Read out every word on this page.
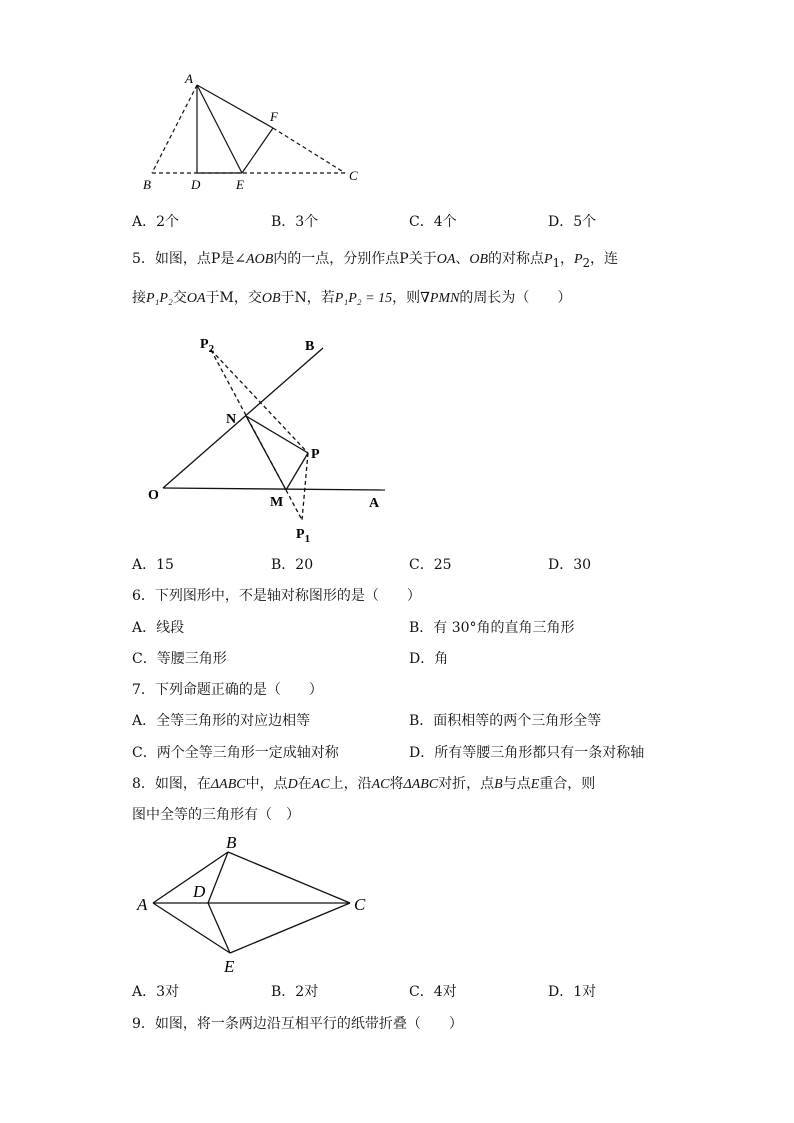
A
F
B	D	E
C
A．2个	B．3个	C．4个	D．5个
5．如图，点P是∠AOB内的一点，分别作点P关于OA、OB的对称点$P_1$，$P_2$，连
接P₁P₂交OA于M，交OB于N，若P₁P₂ = 15，则∇PMN的周长为（　　）
$P_2$	B
N
P
O	M	A
$P_1$
A．15	B．20	C．25	D．30
6．下列图形中，不是轴对称图形的是（　　）
A．线段	B．有 30°角的直角三角形
C．等腰三角形	D．角
7．下列命题正确的是（　　）
A．全等三角形的对应边相等	B．面积相等的两个三角形全等
C．两个全等三角形一定成轴对称	D．所有等腰三角形都只有一条对称轴
8．如图，在ΔABC中，点D在AC上，沿AC将ΔABC对折，点B与点E重合，则
图中全等的三角形有（　）
A
B
D
C
E
A．3对	B．2对	C．4对	D．1对
9．如图，将一条两边沿互相平行的纸带折叠（　　）
